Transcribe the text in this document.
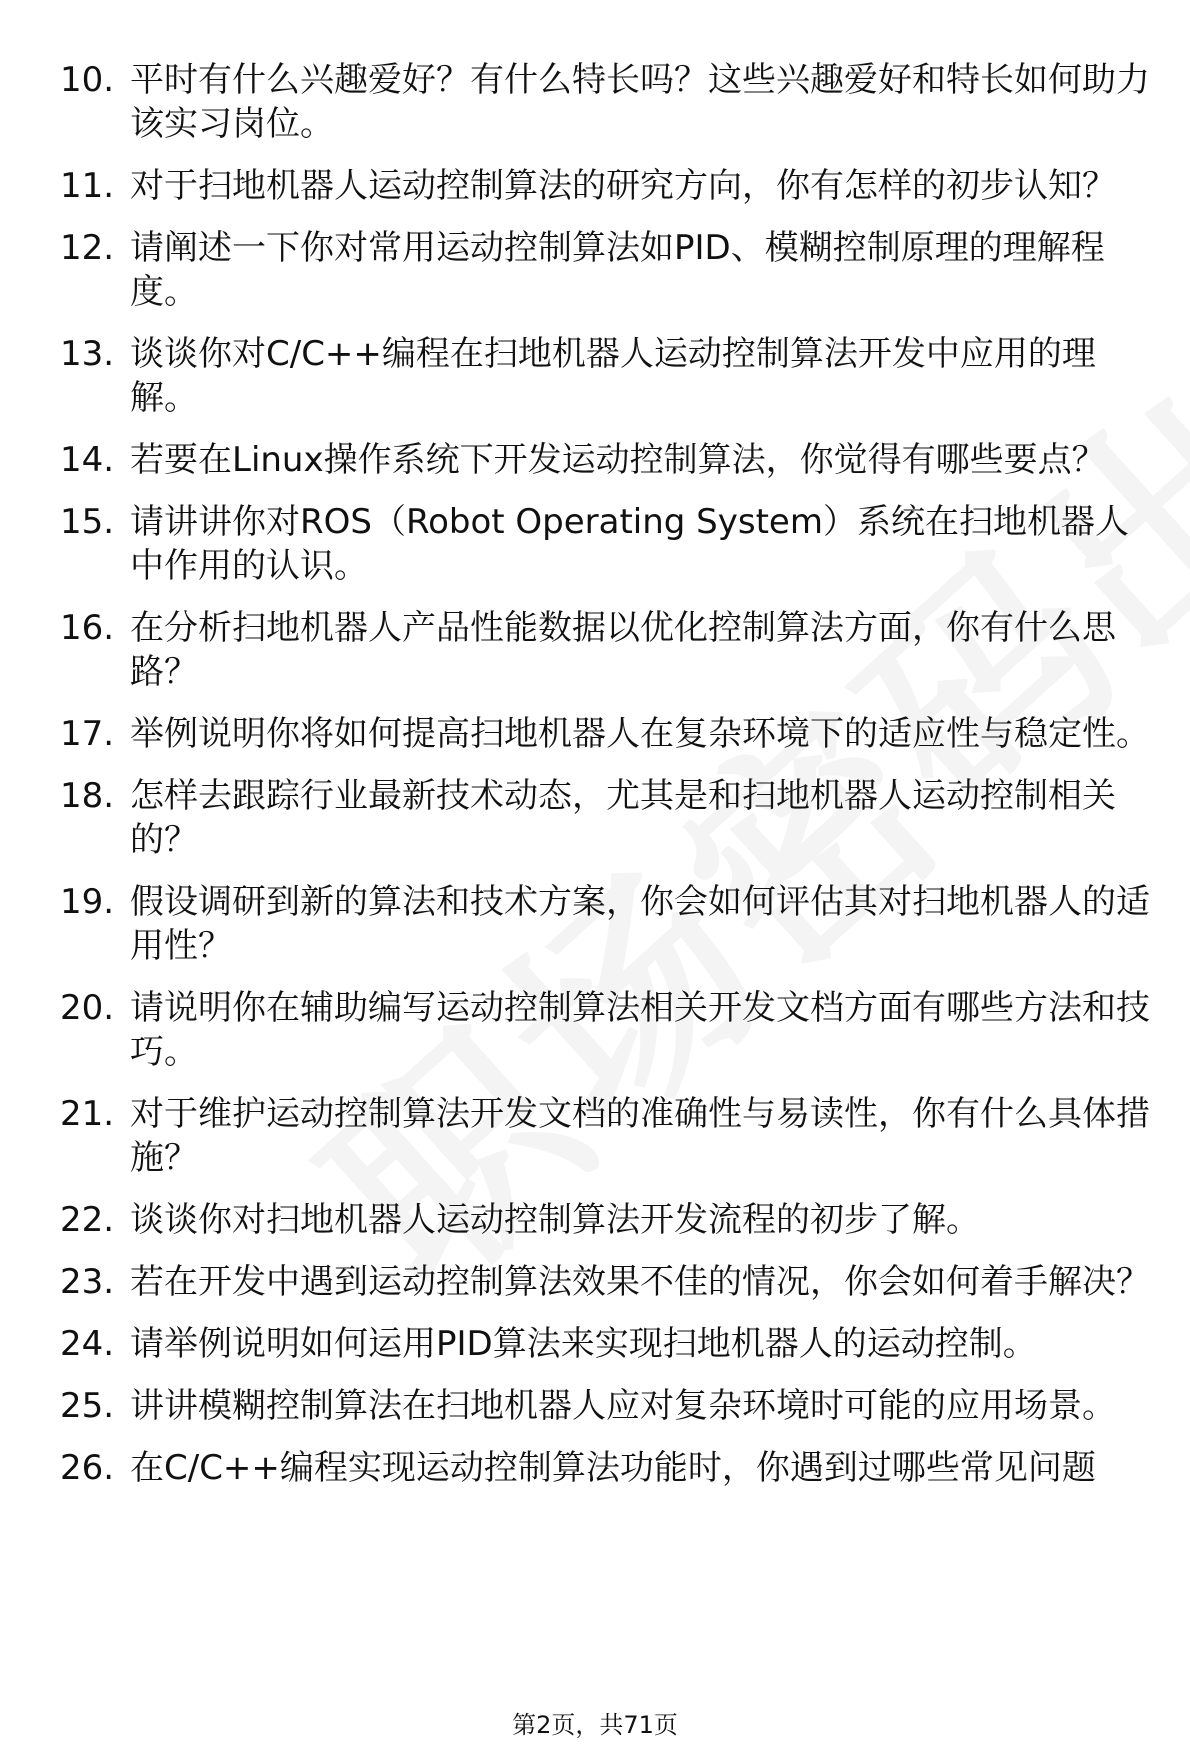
10. 平时有什么兴趣爱好？有什么特长吗？这些兴趣爱好和特长如何助力该实习岗位。
11. 对于扫地机器人运动控制算法的研究方向，你有怎样的初步认知？
12. 请阐述一下你对常用运动控制算法如PID、模糊控制原理的理解程度。
13. 谈谈你对C/C++编程在扫地机器人运动控制算法开发中应用的理解。
14. 若要在Linux操作系统下开发运动控制算法，你觉得有哪些要点？
15. 请讲讲你对ROS（Robot Operating System）系统在扫地机器人中作用的认识。
16. 在分析扫地机器人产品性能数据以优化控制算法方面，你有什么思路？
17. 举例说明你将如何提高扫地机器人在复杂环境下的适应性与稳定性。
18. 怎样去跟踪行业最新技术动态，尤其是和扫地机器人运动控制相关的？
19. 假设调研到新的算法和技术方案，你会如何评估其对扫地机器人的适用性？
20. 请说明你在辅助编写运动控制算法相关开发文档方面有哪些方法和技巧。
21. 对于维护运动控制算法开发文档的准确性与易读性，你有什么具体措施？
22. 谈谈你对扫地机器人运动控制算法开发流程的初步了解。
23. 若在开发中遇到运动控制算法效果不佳的情况，你会如何着手解决？
24. 请举例说明如何运用PID算法来实现扫地机器人的运动控制。
25. 讲讲模糊控制算法在扫地机器人应对复杂环境时可能的应用场景。
26. 在C/C++编程实现运动控制算法功能时，你遇到过哪些常见问题
第2页，共71页
